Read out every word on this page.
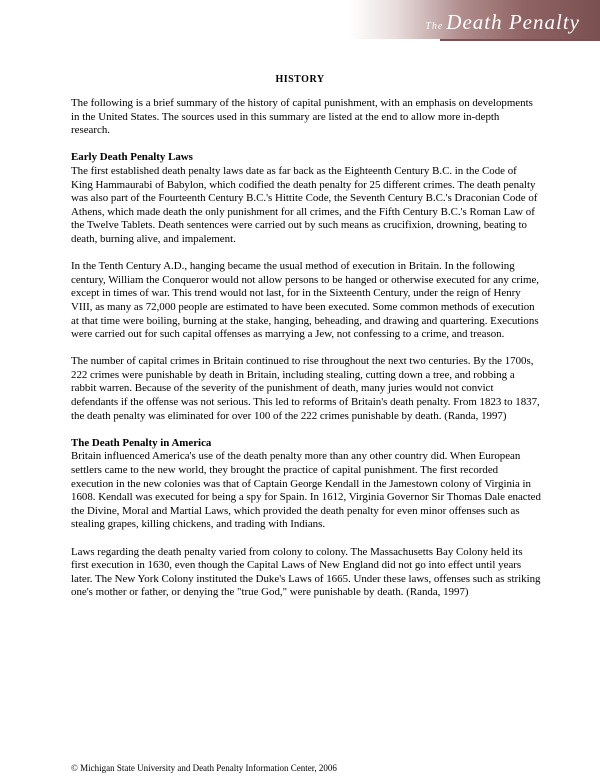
The Death Penalty
HISTORY

The following is a brief summary of the history of capital punishment, with an emphasis on developments in the United States. The sources used in this summary are listed at the end to allow more in-depth research.

Early Death Penalty Laws

The first established death penalty laws date as far back as the Eighteenth Century B.C. in the Code of King Hammaurabi of Babylon, which codified the death penalty for 25 different crimes. The death penalty was also part of the Fourteenth Century B.C.'s Hittite Code, the Seventh Century B.C.'s Draconian Code of Athens, which made death the only punishment for all crimes, and the Fifth Century B.C.'s Roman Law of the Twelve Tablets. Death sentences were carried out by such means as crucifixion, drowning, beating to death, burning alive, and impalement.

In the Tenth Century A.D., hanging became the usual method of execution in Britain. In the following century, William the Conqueror would not allow persons to be hanged or otherwise executed for any crime, except in times of war. This trend would not last, for in the Sixteenth Century, under the reign of Henry VIII, as many as 72,000 people are estimated to have been executed. Some common methods of execution at that time were boiling, burning at the stake, hanging, beheading, and drawing and quartering. Executions were carried out for such capital offenses as marrying a Jew, not confessing to a crime, and treason.

The number of capital crimes in Britain continued to rise throughout the next two centuries. By the 1700s, 222 crimes were punishable by death in Britain, including stealing, cutting down a tree, and robbing a rabbit warren. Because of the severity of the punishment of death, many juries would not convict defendants if the offense was not serious. This led to reforms of Britain's death penalty. From 1823 to 1837, the death penalty was eliminated for over 100 of the 222 crimes punishable by death. (Randa, 1997)

The Death Penalty in America

Britain influenced America's use of the death penalty more than any other country did. When European settlers came to the new world, they brought the practice of capital punishment. The first recorded execution in the new colonies was that of Captain George Kendall in the Jamestown colony of Virginia in 1608. Kendall was executed for being a spy for Spain. In 1612, Virginia Governor Sir Thomas Dale enacted the Divine, Moral and Martial Laws, which provided the death penalty for even minor offenses such as stealing grapes, killing chickens, and trading with Indians.

Laws regarding the death penalty varied from colony to colony. The Massachusetts Bay Colony held its first execution in 1630, even though the Capital Laws of New England did not go into effect until years later. The New York Colony instituted the Duke's Laws of 1665. Under these laws, offenses such as striking one's mother or father, or denying the "true God," were punishable by death. (Randa, 1997)

© Michigan State University and Death Penalty Information Center, 2006
